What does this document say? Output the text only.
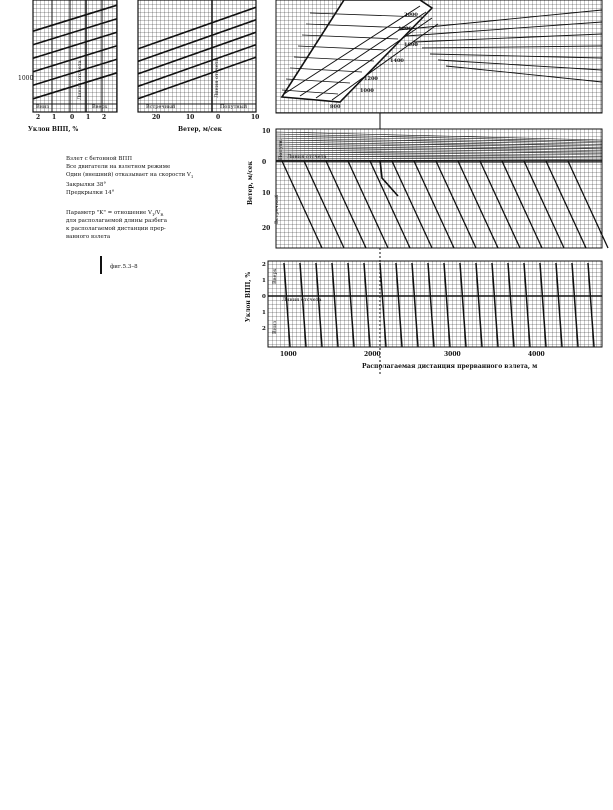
1000
2 1 0 1 2
Уклон ВПП, %
Вниз	Вверх
Линия отсчета
20	10	0	10
Ветер, м/сек
Встречный	Попутный
Линия отсчета
2000
1800
1600
1400
1200
1000
800
Ветер, м/сек
10
0
10
20
Попутн.
Встречный
Линия отсчета
Уклон ВПП, %
2
1
0
1
2
1000	2000	3000	4000
Вверх
Вниз
Линия отсчета
Располагаемая дистанция прерванного взлета, м
Взлет с бетонной ВПП
Все двигатели на взлетном режиме
Один (внешний) отказывает на скорости $V_1$
Закрылки 38°
Предкрылки 14°
Параметр "K" = отношение $V_1/V_R$
для располагаемой длины разбега
к располагаемой дистанции прер-
ванного взлета
фиг.5.3–8
